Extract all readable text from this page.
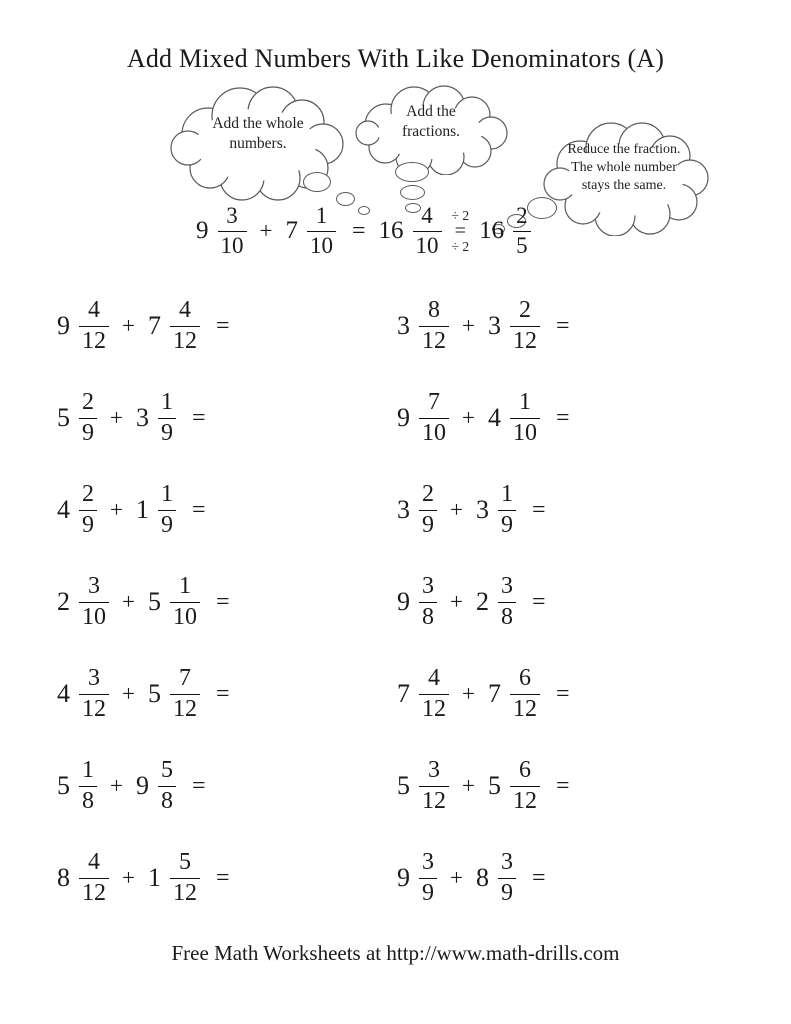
Add Mixed Numbers With Like Denominators (A)
Add the whole numbers.
Add the fractions.
Reduce the fraction. The whole number stays the same.
$9 \frac{3}{10} + 7 \frac{1}{10} = 16 \frac{4}{10} \div 2$
=
÷ 2
$16 \frac{2}{5}$
$9 \frac{4}{12} + 7 \frac{4}{12}$ =	$3 \frac{8}{12} + 3 \frac{2}{12}$ =
$5 \frac{2}{9} + 3 \frac{1}{9}$ =	$9 \frac{7}{10} + 4 \frac{1}{10}$ =
$4 \frac{2}{9} + 1 \frac{1}{9}$ =	$3 \frac{2}{9} + 3 \frac{1}{9}$ =
$2 \frac{3}{10} + 5 \frac{1}{10}$ =	$9 \frac{3}{8} + 2 \frac{3}{8}$ =
$4 \frac{3}{12} + 5 \frac{7}{12}$ =	$7 \frac{4}{12} + 7 \frac{6}{12}$ =
$5 \frac{1}{8} + 9 \frac{5}{8}$ =	$5 \frac{3}{12} + 5 \frac{6}{12}$ =
$8 \frac{4}{12} + 1 \frac{5}{12}$ =	$9 \frac{3}{9} + 8 \frac{3}{9}$ =
Free Math Worksheets at http://www.math-drills.com
